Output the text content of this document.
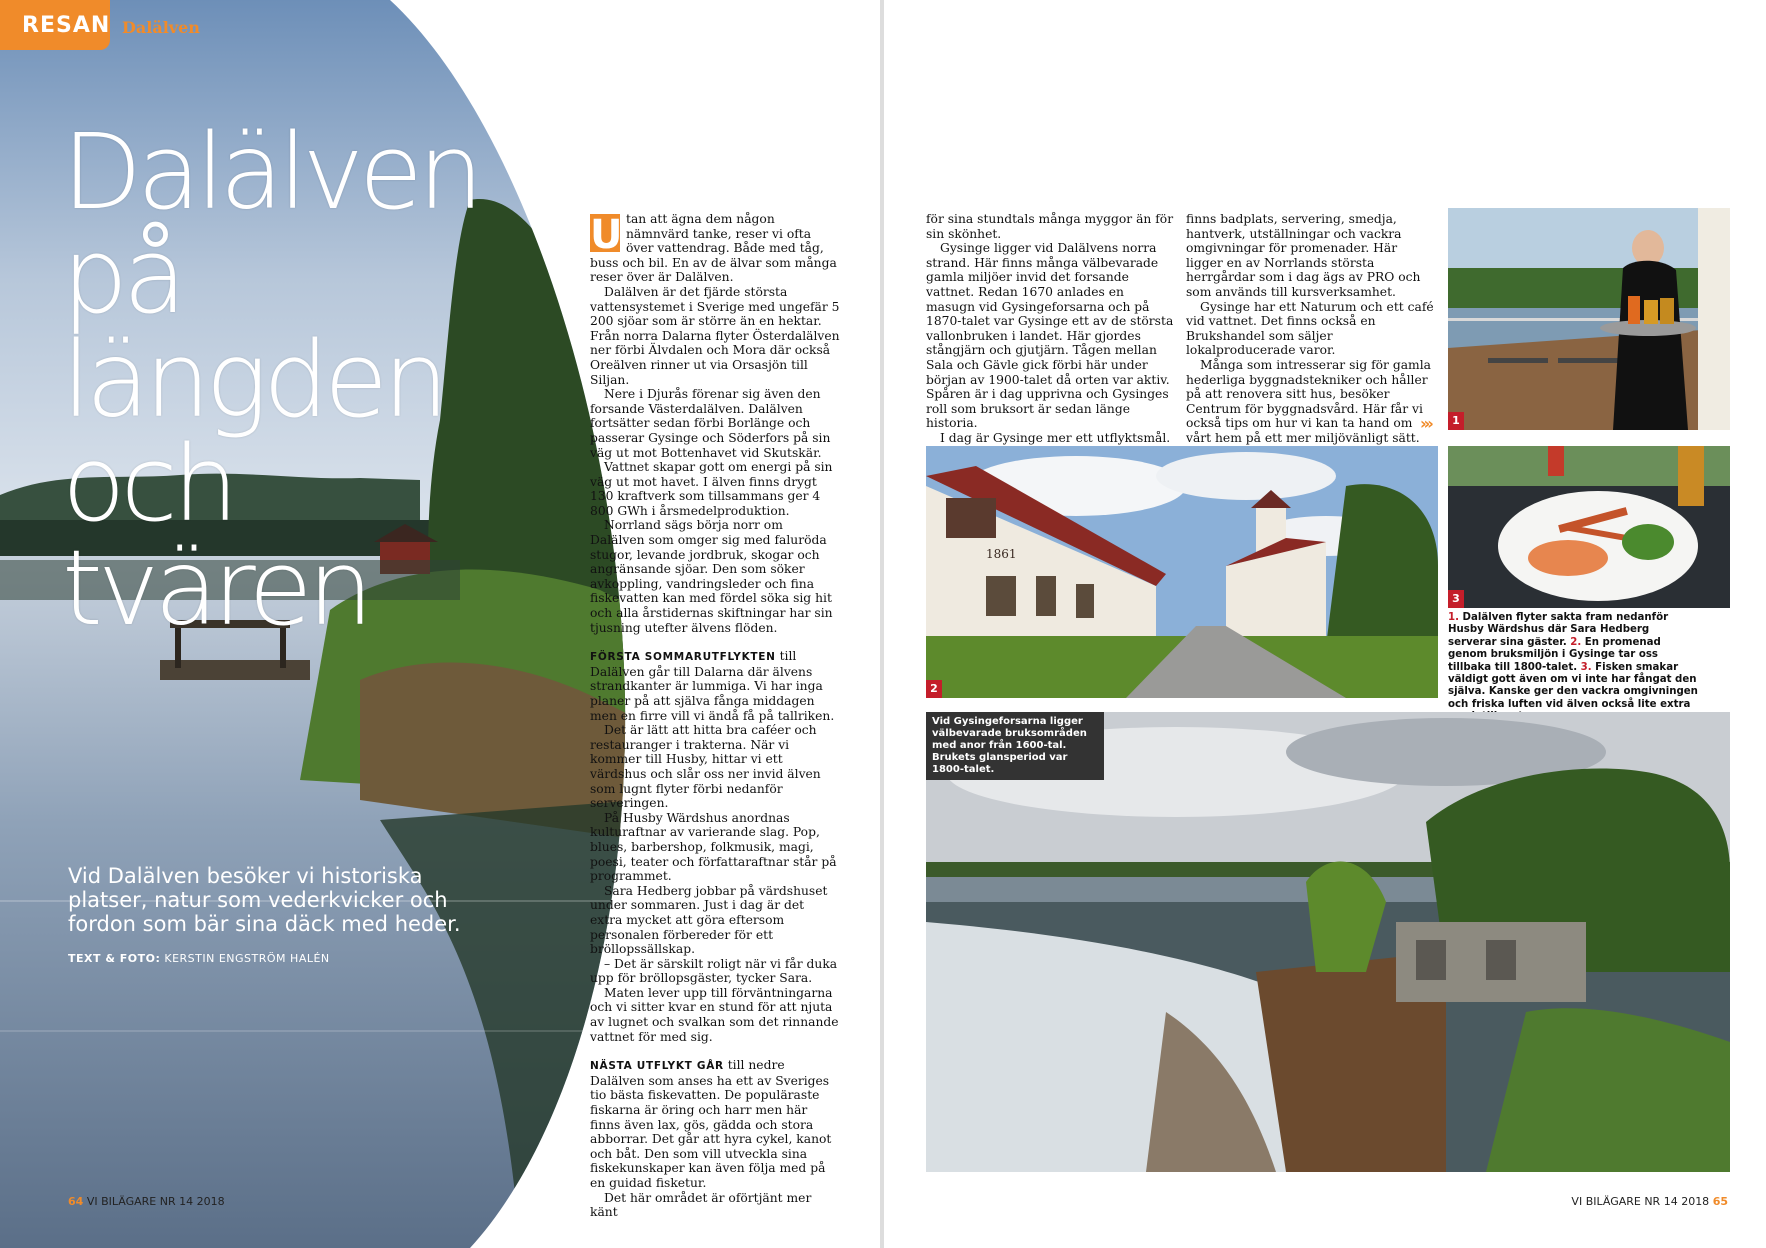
RESAN Dalälven
Dalälven
på längden
och tvären
Vid Dalälven besöker vi historiska platser, natur som vederkvicker och fordon som bär sina däck med heder.
TEXT & FOTO: KERSTIN ENGSTRÖM HALÉN

U tan att ägna dem någon nämnvärd tanke, reser vi ofta över vattendrag. Både med tåg, buss och bil. En av de älvar som många reser över är Dalälven.

Dalälven är det fjärde största vattensystemet i Sverige med ungefär 5 200 sjöar som är större än en hektar. Från norra Dalarna flyter Österdalälven ner förbi Älvdalen och Mora där också Oreälven rinner ut via Orsasjön till Siljan.

Nere i Djurås förenar sig även den forsande Västerdalälven. Dalälven fortsätter sedan förbi Borlänge och passerar Gysinge och Söderfors på sin väg ut mot Bottenhavet vid Skutskär.

Vattnet skapar gott om energi på sin väg ut mot havet. I älven finns drygt 130 kraftverk som tillsammans ger 4 800 GWh i årsmedelproduktion.

Norrland sägs börja norr om Dalälven som omger sig med faluröda stugor, levande jordbruk, skogar och angränsande sjöar. Den som söker avkoppling, vandringsleder och fina fiskevatten kan med fördel söka sig hit och alla årstidernas skiftningar har sin tjusning utefter älvens flöden.

FÖRSTA SOMMARUTFLYKTEN till Dalälven går till Dalarna där älvens strandkanter är lummiga. Vi har inga planer på att själva fånga middagen men en firre vill vi ändå få på tallriken.

Det är lätt att hitta bra caféer och restauranger i trakterna. När vi kommer till Husby, hittar vi ett värdshus och slår oss ner invid älven som lugnt flyter förbi nedanför serveringen.

På Husby Wärdshus anordnas kulturaftnar av varierande slag. Pop, blues, barbershop, folkmusik, magi, poesi, teater och författaraftnar står på programmet.

Sara Hedberg jobbar på värdshuset under sommaren. Just i dag är det extra mycket att göra eftersom personalen förbereder för ett bröllopssällskap.

– Det är särskilt roligt när vi får duka upp för bröllopsgäster, tycker Sara.

Maten lever upp till förväntningarna och vi sitter kvar en stund för att njuta av lugnet och svalkan som det rinnande vattnet för med sig.

NÄSTA UTFLYKT GÅR till nedre Dalälven som anses ha ett av Sveriges tio bästa fiskevatten. De populäraste fiskarna är öring och harr men här finns även lax, gös, gädda och stora abborrar. Det går att hyra cykel, kanot och båt. Den som vill utveckla sina fiskekunskaper kan även följa med på en guidad fisketur.

Det här området är oförtjänt mer känt

64 VI BILÄGARE NR 14 2018

för sina stundtals många myggor än för sin skönhet.

Gysinge ligger vid Dalälvens norra strand. Här finns många välbevarade gamla miljöer invid det forsande vattnet. Redan 1670 anlades en masugn vid Gysingeforsarna och på 1870-talet var Gysinge ett av de största vallonbruken i landet. Här gjordes stångjärn och gjutjärn. Tågen mellan Sala och Gävle gick förbi här under början av 1900-talet då orten var aktiv. Spåren är i dag upprivna och Gysinges roll som bruksort är sedan länge historia.

I dag är Gysinge mer ett utflyktsmål.

finns badplats, servering, smedja, hantverk, utställningar och vackra omgivningar för promenader. Här ligger en av Norrlands största herrgårdar som i dag ägs av PRO och som används till kursverksamhet.

Gysinge har ett Naturum och ett café vid vattnet. Det finns också en Brukshandel som säljer lokalproducerade varor.

Många som intresserar sig för gamla hederliga byggnadstekniker och håller på att renovera sitt hus, besöker Centrum för byggnadsvård. Här får vi också tips om hur vi kan ta hand om vårt hem på ett mer miljövänligt sätt.

›››	1
1861
2
3
1. Dalälven flyter sakta fram nedanför Husby Wärdshus där Sara Hedberg serverar sina gäster. 2. En promenad genom bruksmiljön i Gysinge tar oss tillbaka till 1800-talet. 3. Fisken smakar väldigt gott även om vi inte har fångat den själva. Kanske ger den vackra omgivningen och friska luften vid älven också lite extra
Vid Gysingeforsarna ligger välbevarade bruksområden med anor från 1600-tal. Brukets glansperiod var 1800-talet.
VI BILÄGARE NR 14 2018 65
